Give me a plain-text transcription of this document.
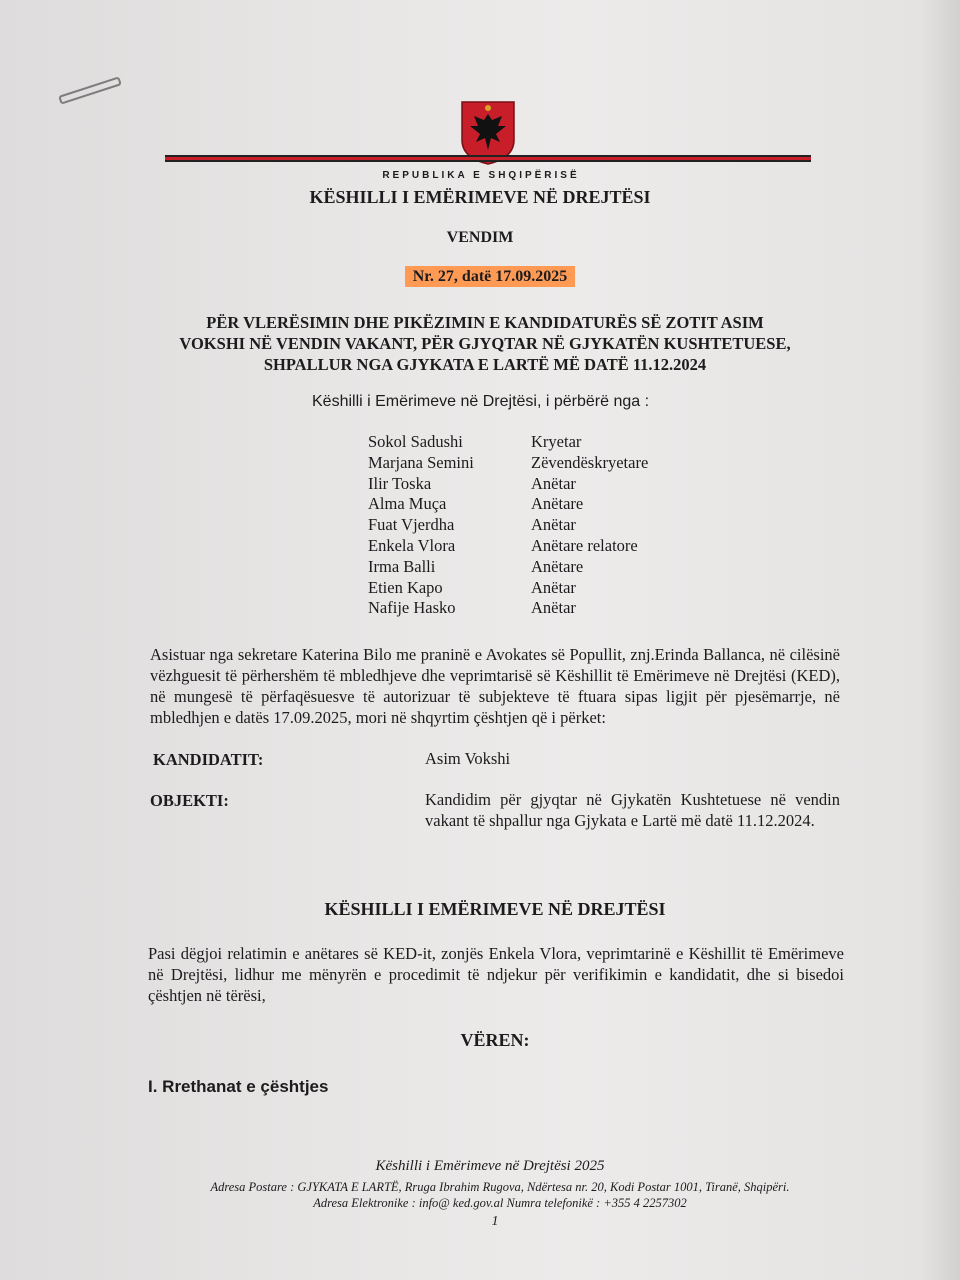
REPUBLIKA E SHQIPËRISË
KËSHILLI I EMËRIMEVE NË DREJTËSI
VENDIM
Nr. 27, datë 17.09.2025
PËR VLERËSIMIN DHE PIKËZIMIN E KANDIDATURËS SË ZOTIT ASIM
VOKSHI NË VENDIN VAKANT, PËR GJYQTAR NË GJYKATËN KUSHTETUESE,
SHPALLUR NGA GJYKATA E LARTË MË DATË 11.12.2024
Këshilli i Emërimeve në Drejtësi, i përbërë nga :
Sokol Sadushi	Kryetar
Marjana Semini	Zëvendëskryetare
Ilir Toska	Anëtar
Alma Muça	Anëtare
Fuat Vjerdha	Anëtar
Enkela Vlora	Anëtare relatore
Irma Balli	Anëtare
Etien Kapo	Anëtar
Nafije Hasko	Anëtar
Asistuar nga sekretare Katerina Bilo me praninë e Avokates së Popullit, znj.Erinda Ballanca, në cilësinë vëzhguesit të përhershëm të mbledhjeve dhe veprimtarisë së Këshillit të Emërimeve në Drejtësi (KED), në mungesë të përfaqësuesve të autorizuar të subjekteve të ftuara sipas ligjit për pjesëmarrje, në mbledhjen e datës 17.09.2025, mori në shqyrtim çështjen që i përket:
KANDIDATIT:	Asim Vokshi
OBJEKTI:	Kandidim për gjyqtar në Gjykatën Kushtetuese në vendin vakant të shpallur nga Gjykata e Lartë më datë 11.12.2024.
KËSHILLI I EMËRIMEVE NË DREJTËSI
Pasi dëgjoi relatimin e anëtares së KED-it, zonjës Enkela Vlora, veprimtarinë e Këshillit të Emërimeve në Drejtësi, lidhur me mënyrën e procedimit të ndjekur për verifikimin e kandidatit, dhe si bisedoi çështjen në tërësi,
VËREN:
I. Rrethanat e çështjes
Këshilli i Emërimeve në Drejtësi 2025
Adresa Postare : GJYKATA E LARTË, Rruga Ibrahim Rugova, Ndërtesa nr. 20, Kodi Postar 1001, Tiranë, Shqipëri.
Adresa Elektronike : info@ ked.gov.al Numra telefonikë : +355 4 2257302
1
